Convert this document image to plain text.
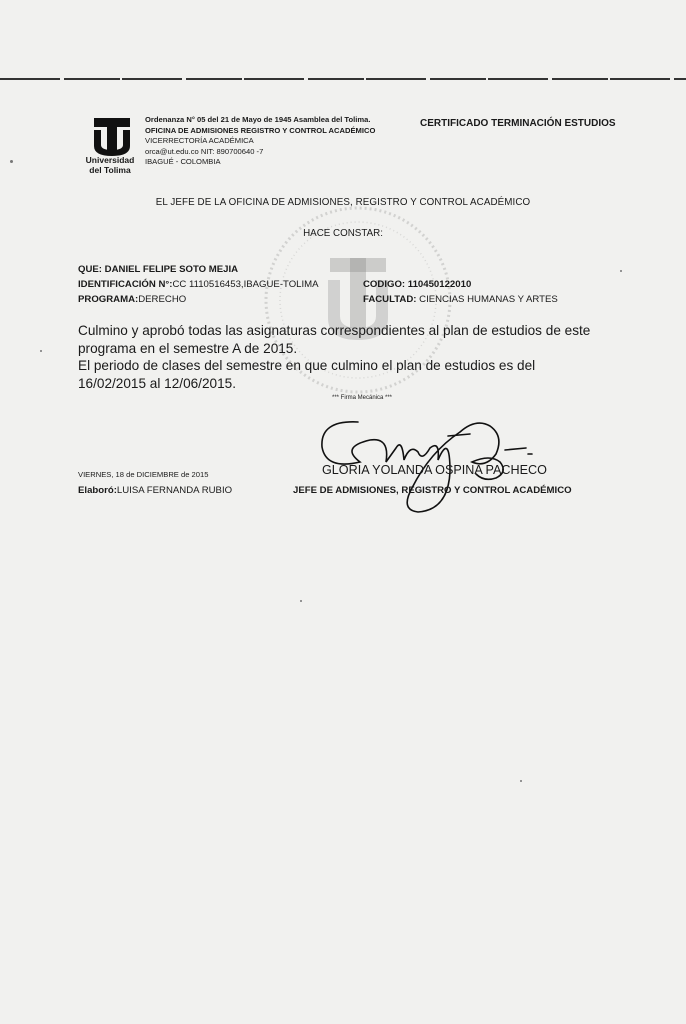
Universidad
del Tolima
Ordenanza N° 05 del 21 de Mayo de 1945 Asamblea del Tolima.
OFICINA DE ADMISIONES REGISTRO Y CONTROL ACADÉMICO
VICERRECTORÍA ACADÉMICA
orca@ut.edu.co NIT: 890700640 -7
IBAGUÉ - COLOMBIA
CERTIFICADO TERMINACIÓN ESTUDIOS
EL JEFE DE LA OFICINA DE ADMISIONES, REGISTRO Y CONTROL ACADÉMICO
HACE CONSTAR:
QUE: DANIEL FELIPE SOTO MEJIA
IDENTIFICACIÓN N°:CC 1110516453,IBAGUE-TOLIMA	CODIGO: 110450122010
PROGRAMA:DERECHO	FACULTAD: CIENCIAS HUMANAS Y ARTES

Culmino y aprobó todas las asignaturas correspondientes al plan de estudios de este programa en el semestre A de 2015.

El periodo de clases del semestre en que culmino el plan de estudios es del 16/02/2015 al 12/06/2015.

*** Firma Mecánica ***
GLORIA YOLANDA OSPINA PACHECO
JEFE DE ADMISIONES, REGISTRO Y CONTROL ACADÉMICO
VIERNES, 18 de DICIEMBRE de 2015
Elaboró:LUISA FERNANDA RUBIO
